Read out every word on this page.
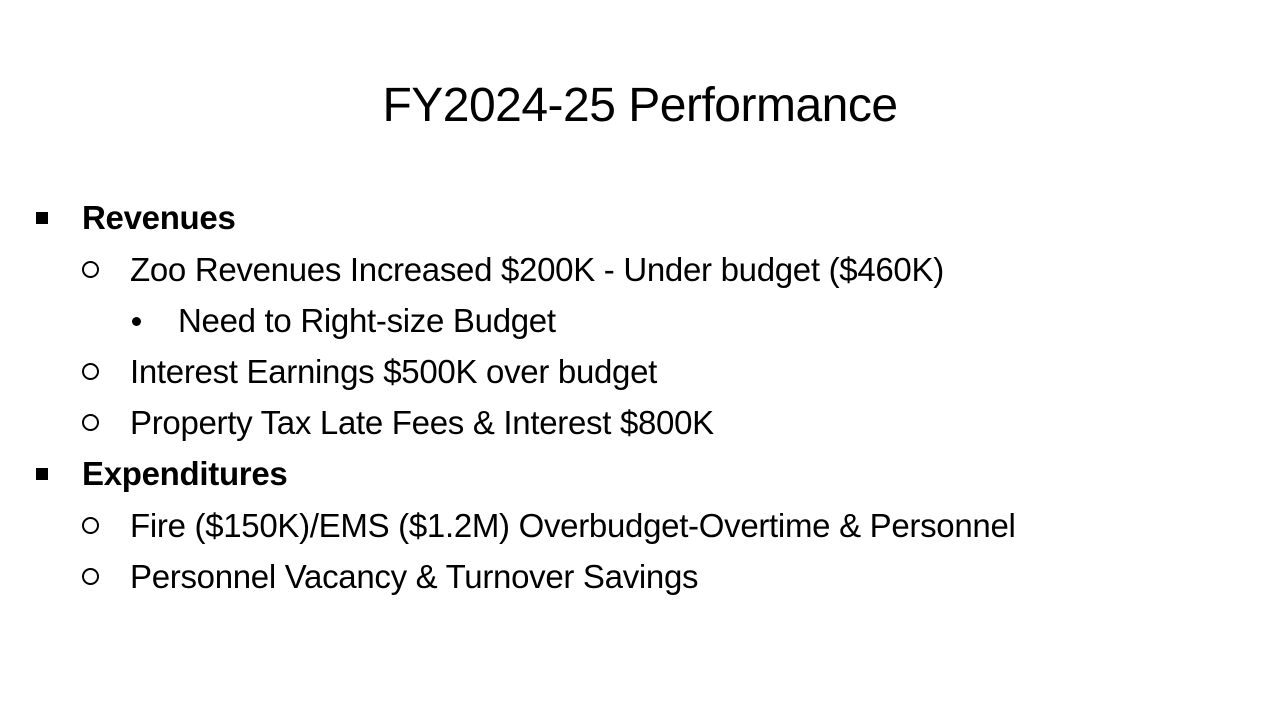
FY2024-25 Performance
Revenues
Zoo Revenues Increased $200K - Under budget ($460K)
Need to Right-size Budget
Interest Earnings $500K over budget
Property Tax Late Fees & Interest $800K
Expenditures
Fire ($150K)/EMS ($1.2M) Overbudget-Overtime & Personnel
Personnel Vacancy & Turnover Savings
